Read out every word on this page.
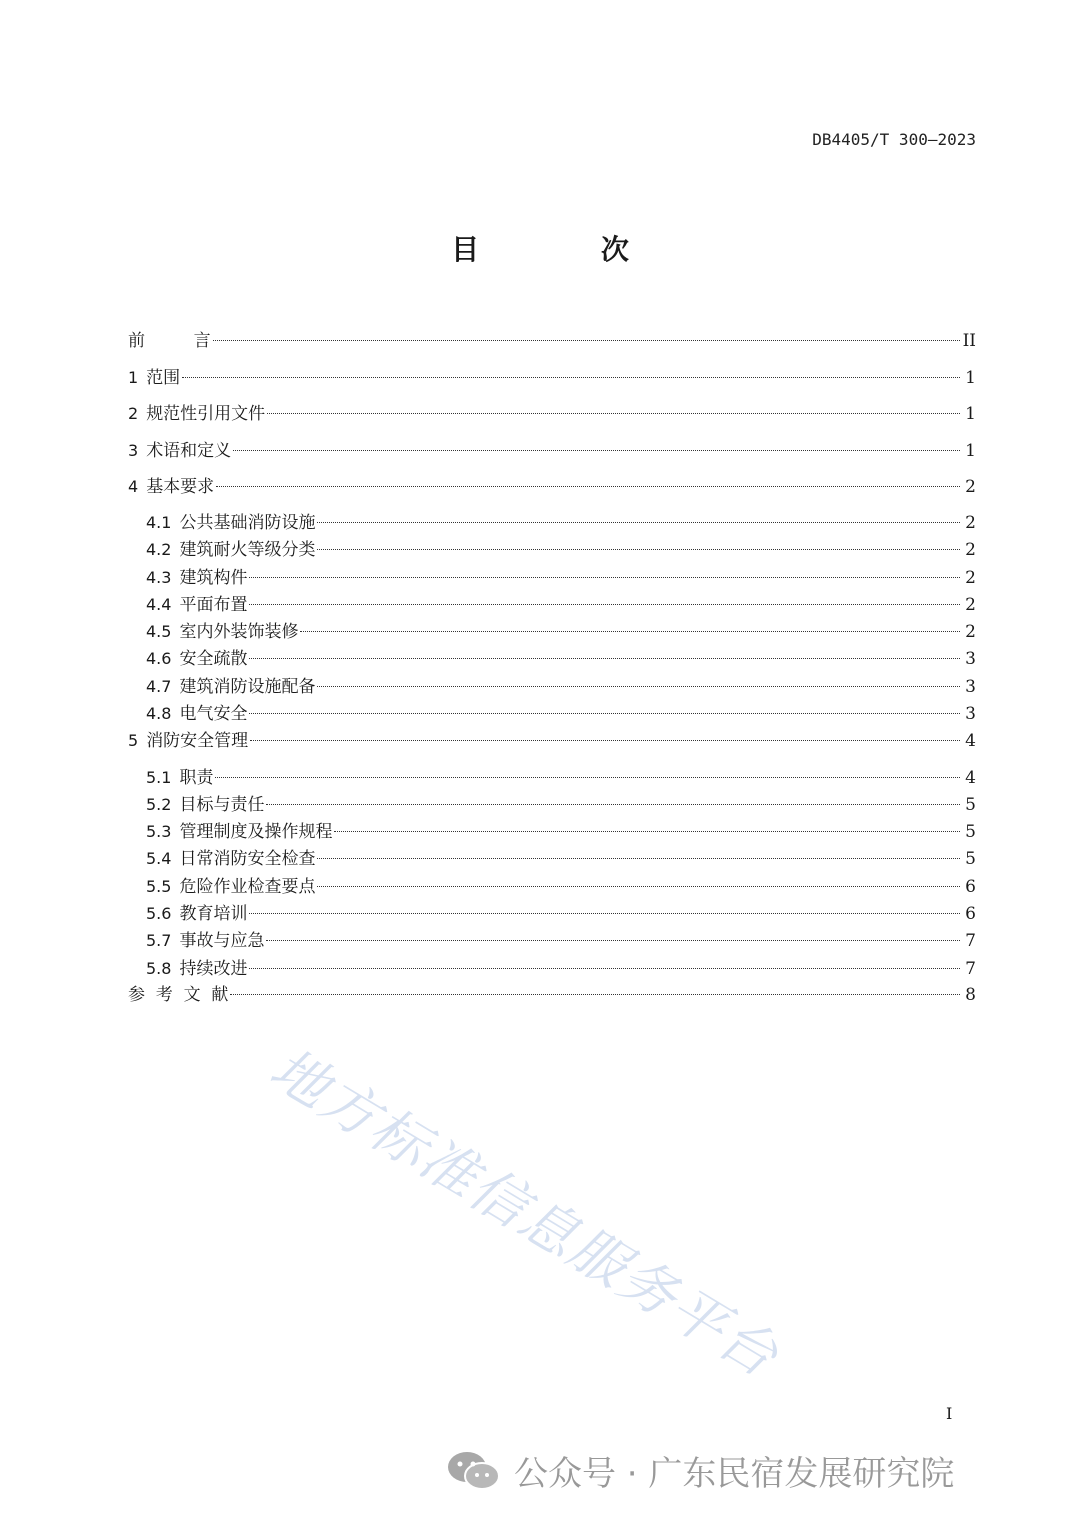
DB4405/T 300—2023
目 次
前         言	II
1 范围	1
2 规范性引用文件	1
3 术语和定义	1
4 基本要求	2
4.1 公共基础消防设施	2
4.2 建筑耐火等级分类	2
4.3 建筑构件	2
4.4 平面布置	2
4.5 室内外装饰装修	2
4.6 安全疏散	3
4.7 建筑消防设施配备	3
4.8 电气安全	3
5 消防安全管理	4
5.1 职责	4
5.2 目标与责任	5
5.3 管理制度及操作规程	5
5.4 日常消防安全检查	5
5.5 危险作业检查要点	6
5.6 教育培训	6
5.7 事故与应急	7
5.8 持续改进	7
参  考  文  献	8
地方标准信息服务平台
I
公众号 · 广东民宿发展研究院
